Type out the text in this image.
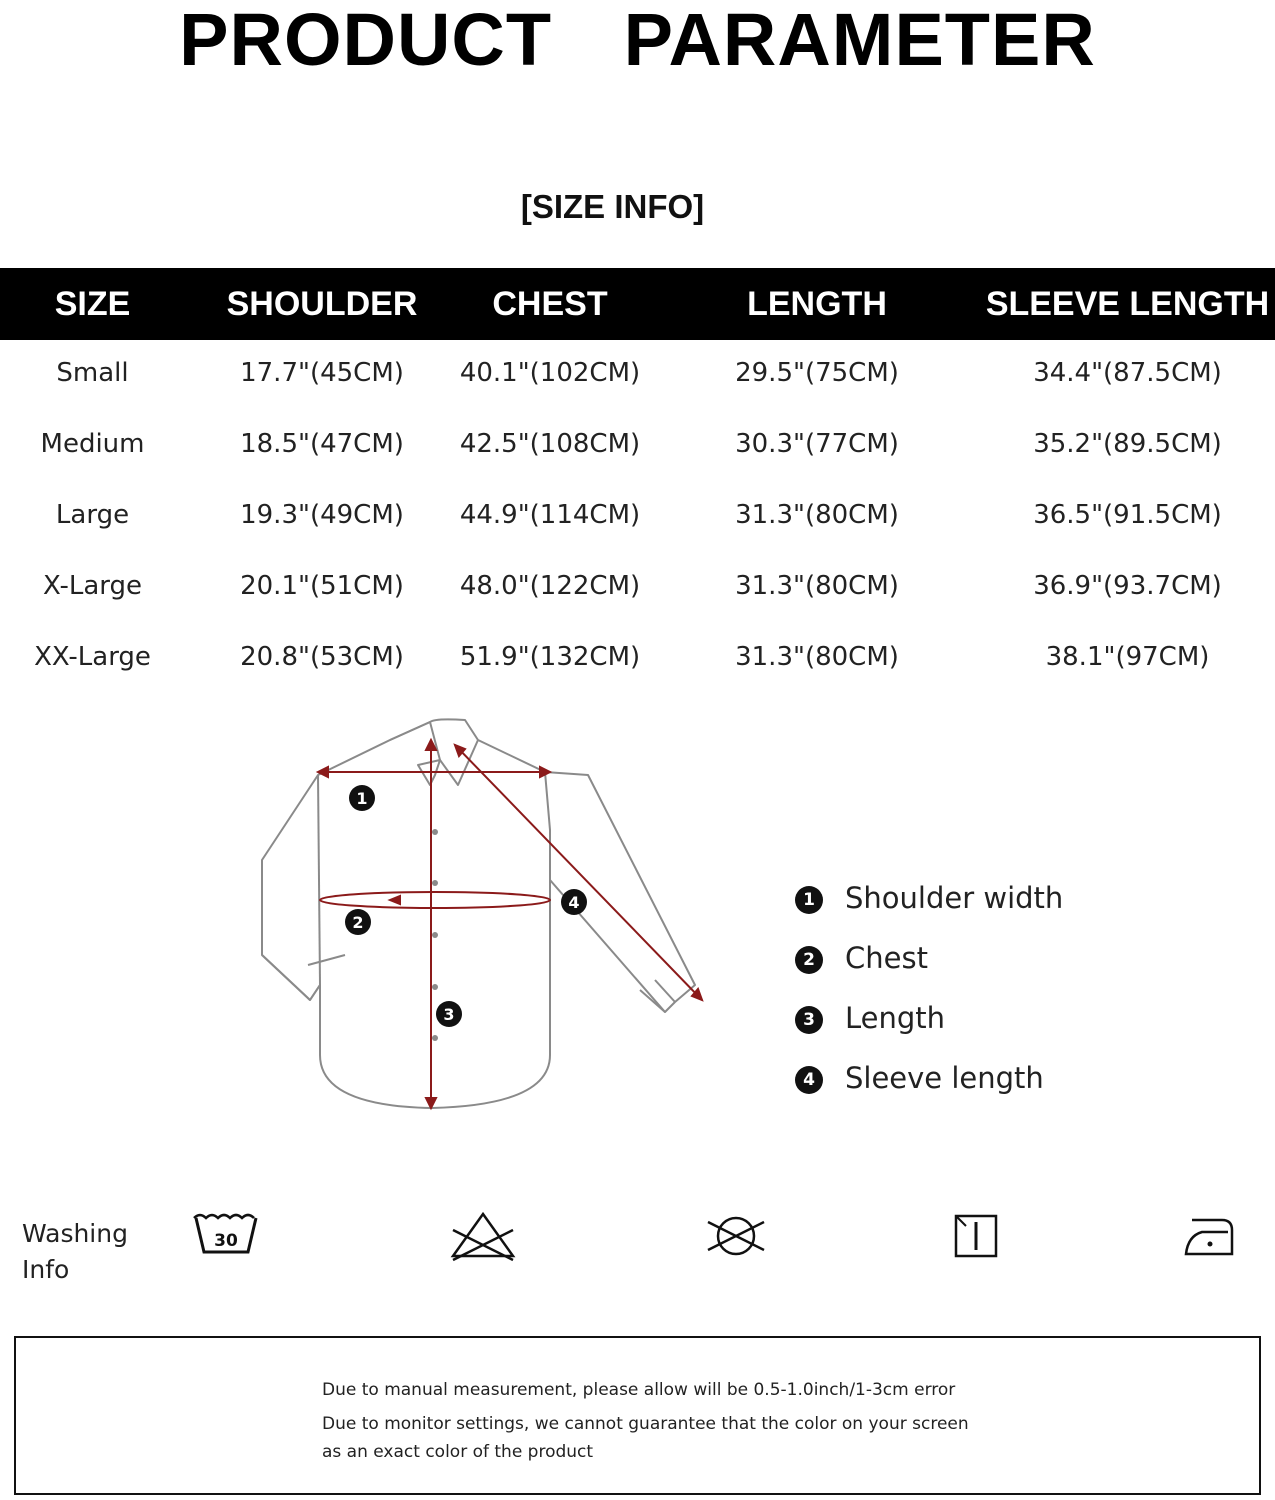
PRODUCT PARAMETER
[SIZE INFO]
SIZE	SHOULDER	CHEST	LENGTH	SLEEVE LENGTH
Small	17.7"(45CM)	40.1"(102CM)	29.5"(75CM)	34.4"(87.5CM)
Medium	18.5"(47CM)	42.5"(108CM)	30.3"(77CM)	35.2"(89.5CM)
Large	19.3"(49CM)	44.9"(114CM)	31.3"(80CM)	36.5"(91.5CM)
X-Large	20.1"(51CM)	48.0"(122CM)	31.3"(80CM)	36.9"(93.7CM)
XX-Large	20.8"(53CM)	51.9"(132CM)	31.3"(80CM)	38.1"(97CM)
1
2
3
4	1 Shoulder width
2 Chest
3 Length
4 Sleeve length
Washing Info
30
Due to manual measurement, please allow will be 0.5-1.0inch/1-3cm error
Due to monitor settings, we cannot guarantee that the color on your screen
as an exact color of the product
